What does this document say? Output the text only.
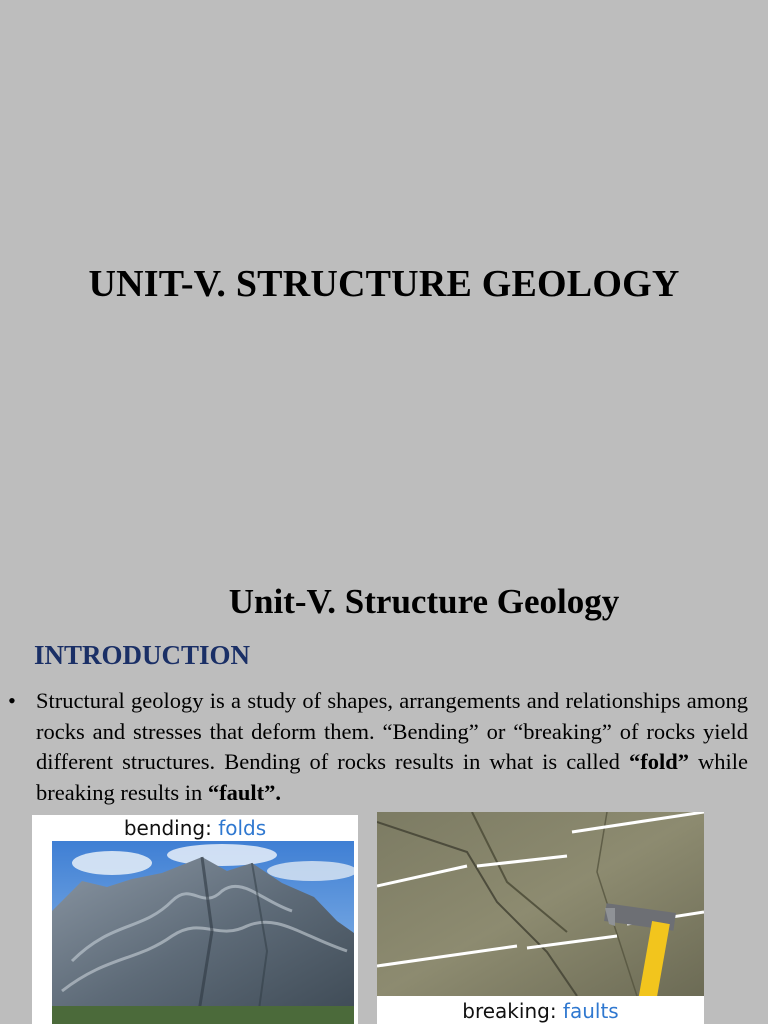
UNIT-V. STRUCTURE GEOLOGY
Unit-V. Structure Geology
INTRODUCTION
• Structural geology is a study of shapes, arrangements and relationships among rocks and stresses that deform them. “Bending” or “breaking” of rocks yield different structures. Bending of rocks results in what is called “fold” while breaking results in “fault”.
bending: folds
breaking: faults
